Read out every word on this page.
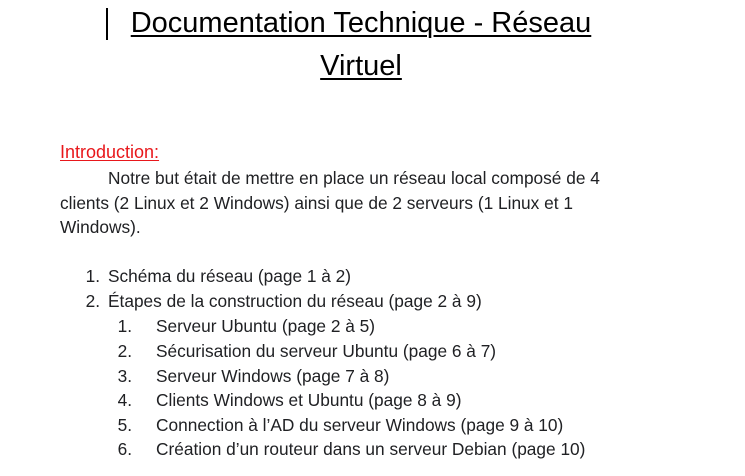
Documentation Technique - Réseau
Virtuel
Introduction:

Notre but était de mettre en place un réseau local composé de 4
clients (2 Linux et 2 Windows) ainsi que de 2 serveurs (1 Linux et 1
Windows).

1. Schéma du réseau (page 1 à 2)
2. Étapes de la construction du réseau (page 2 à 9)
1. Serveur Ubuntu (page 2 à 5)
2. Sécurisation du serveur Ubuntu (page 6 à 7)
3. Serveur Windows (page 7 à 8)
4. Clients Windows et Ubuntu (page 8 à 9)
5. Connection à l’AD du serveur Windows (page 9 à 10)
6. Création d’un routeur dans un serveur Debian (page 10)
